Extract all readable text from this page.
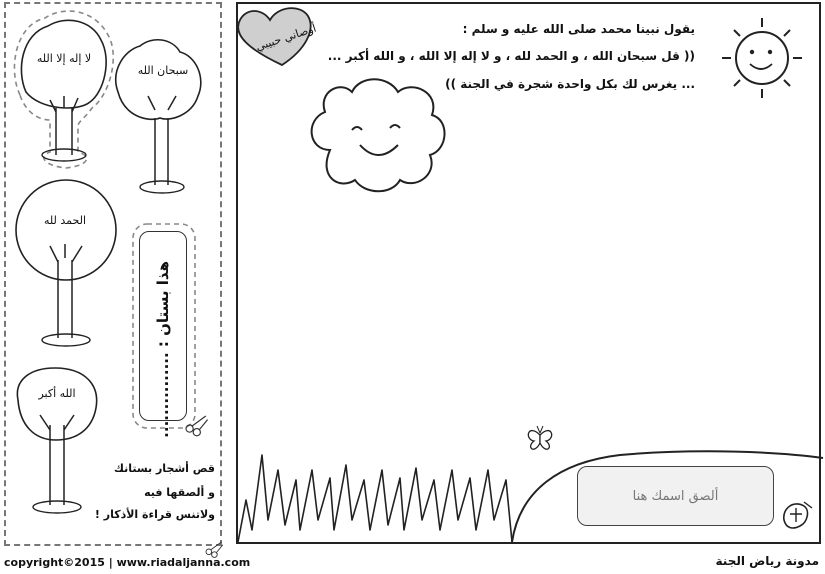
يقول نبينا محمد صلى الله عليه و سلم :
(( قل سبحان الله ، و الحمد لله ، و لا إله إلا الله ، و الله أكبر ...
... يغرس لك بكل واحدة شجرة في الجنة ))
أوصاني حبيبي
لا إله إلا الله
سبحان الله
الحمد لله
الله أكبر	هذا بستان : ...............
قص أشجار بستانك
و ألصقها فيه
ولاتنس قراءة الأذكار !
ألصق اسمك هنا
copyright©2015 | www.riadaljanna.com	مدونة رياض الجنة
